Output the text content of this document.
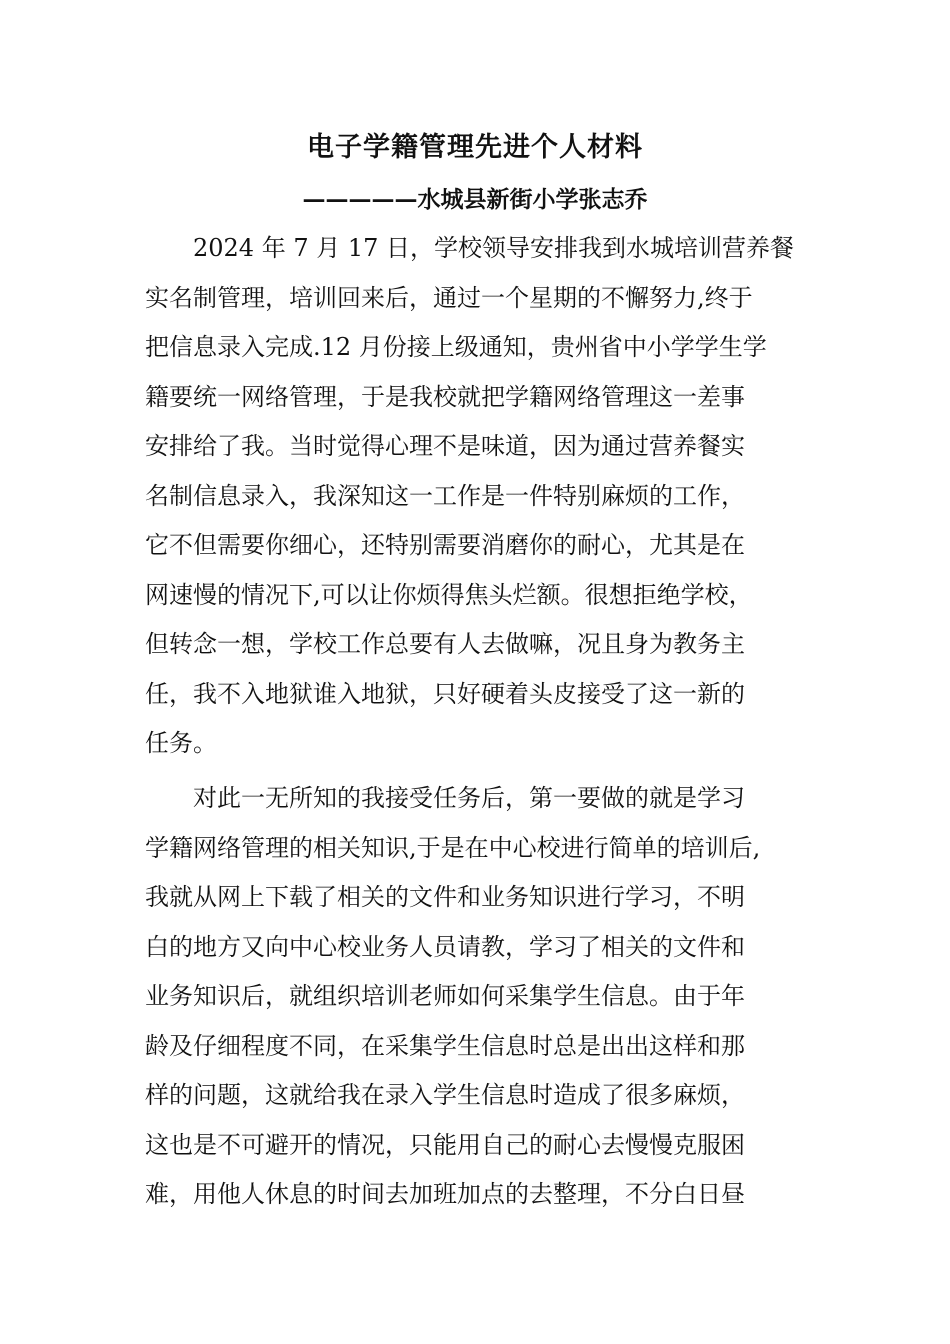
电子学籍管理先进个人材料
—————水城县新街小学张志乔
2024 年 7 月 17 日，学校领导安排我到水城培训营养餐
实名制管理，培训回来后，通过一个星期的不懈努力,终于
把信息录入完成.12 月份接上级通知，贵州省中小学学生学
籍要统一网络管理，于是我校就把学籍网络管理这一差事
安排给了我。当时觉得心理不是味道，因为通过营养餐实
名制信息录入，我深知这一工作是一件特别麻烦的工作，
它不但需要你细心，还特别需要消磨你的耐心，尤其是在
网速慢的情况下,可以让你烦得焦头烂额。很想拒绝学校，
但转念一想，学校工作总要有人去做嘛，况且身为教务主
任，我不入地狱谁入地狱，只好硬着头皮接受了这一新的
任务。
对此一无所知的我接受任务后，第一要做的就是学习
学籍网络管理的相关知识,于是在中心校进行简单的培训后,
我就从网上下载了相关的文件和业务知识进行学习，不明
白的地方又向中心校业务人员请教，学习了相关的文件和
业务知识后，就组织培训老师如何采集学生信息。由于年
龄及仔细程度不同，在采集学生信息时总是出出这样和那
样的问题，这就给我在录入学生信息时造成了很多麻烦，
这也是不可避开的情况，只能用自己的耐心去慢慢克服困
难，用他人休息的时间去加班加点的去整理，不分白日昼
